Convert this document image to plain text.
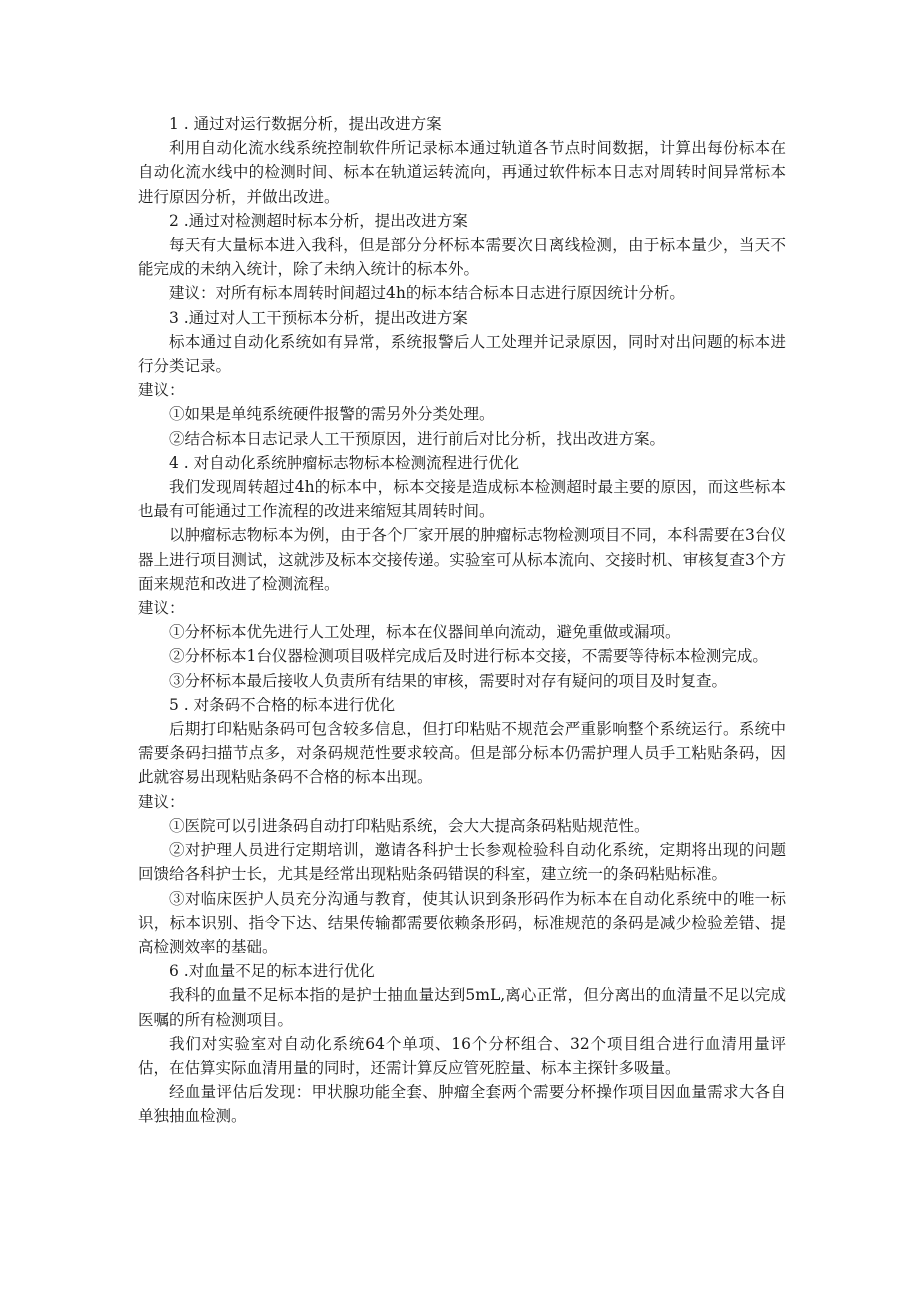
1 . 通过对运行数据分析，提出改进方案

利用自动化流水线系统控制软件所记录标本通过轨道各节点时间数据，计算出每份标本在自动化流水线中的检测时间、标本在轨道运转流向，再通过软件标本日志对周转时间异常标本进行原因分析，并做出改进。

2 .通过对检测超时标本分析，提出改进方案

每天有大量标本进入我科，但是部分分杯标本需要次日离线检测，由于标本量少，当天不能完成的未纳入统计，除了未纳入统计的标本外。

建议：对所有标本周转时间超过4h的标本结合标本日志进行原因统计分析。

3 .通过对人工干预标本分析，提出改进方案

标本通过自动化系统如有异常，系统报警后人工处理并记录原因，同时对出问题的标本进行分类记录。

建议：

①如果是单纯系统硬件报警的需另外分类处理。

②结合标本日志记录人工干预原因，进行前后对比分析，找出改进方案。

4 . 对自动化系统肿瘤标志物标本检测流程进行优化

我们发现周转超过4h的标本中，标本交接是造成标本检测超时最主要的原因，而这些标本也最有可能通过工作流程的改进来缩短其周转时间。

以肿瘤标志物标本为例，由于各个厂家开展的肿瘤标志物检测项目不同，本科需要在3台仪器上进行项目测试，这就涉及标本交接传递。实验室可从标本流向、交接时机、审核复查3个方面来规范和改进了检测流程。

建议：

①分杯标本优先进行人工处理，标本在仪器间单向流动，避免重做或漏项。

②分杯标本1台仪器检测项目吸样完成后及时进行标本交接，不需要等待标本检测完成。

③分杯标本最后接收人负责所有结果的审核，需要时对存有疑问的项目及时复查。

5 . 对条码不合格的标本进行优化

后期打印粘贴条码可包含较多信息，但打印粘贴不规范会严重影响整个系统运行。系统中需要条码扫描节点多，对条码规范性要求较高。但是部分标本仍需护理人员手工粘贴条码，因此就容易出现粘贴条码不合格的标本出现。

建议：

①医院可以引进条码自动打印粘贴系统，会大大提高条码粘贴规范性。

②对护理人员进行定期培训，邀请各科护士长参观检验科自动化系统，定期将出现的问题回馈给各科护士长，尤其是经常出现粘贴条码错误的科室，建立统一的条码粘贴标准。

③对临床医护人员充分沟通与教育，使其认识到条形码作为标本在自动化系统中的唯一标识，标本识别、指令下达、结果传输都需要依赖条形码，标准规范的条码是减少检验差错、提高检测效率的基础。

6 .对血量不足的标本进行优化

我科的血量不足标本指的是护士抽血量达到5mL,离心正常，但分离出的血清量不足以完成医嘱的所有检测项目。

我们对实验室对自动化系统64个单项、16个分杯组合、32个项目组合进行血清用量评估，在估算实际血清用量的同时，还需计算反应管死腔量、标本主探针多吸量。

经血量评估后发现：甲状腺功能全套、肿瘤全套两个需要分杯操作项目因血量需求大各自单独抽血检测。
